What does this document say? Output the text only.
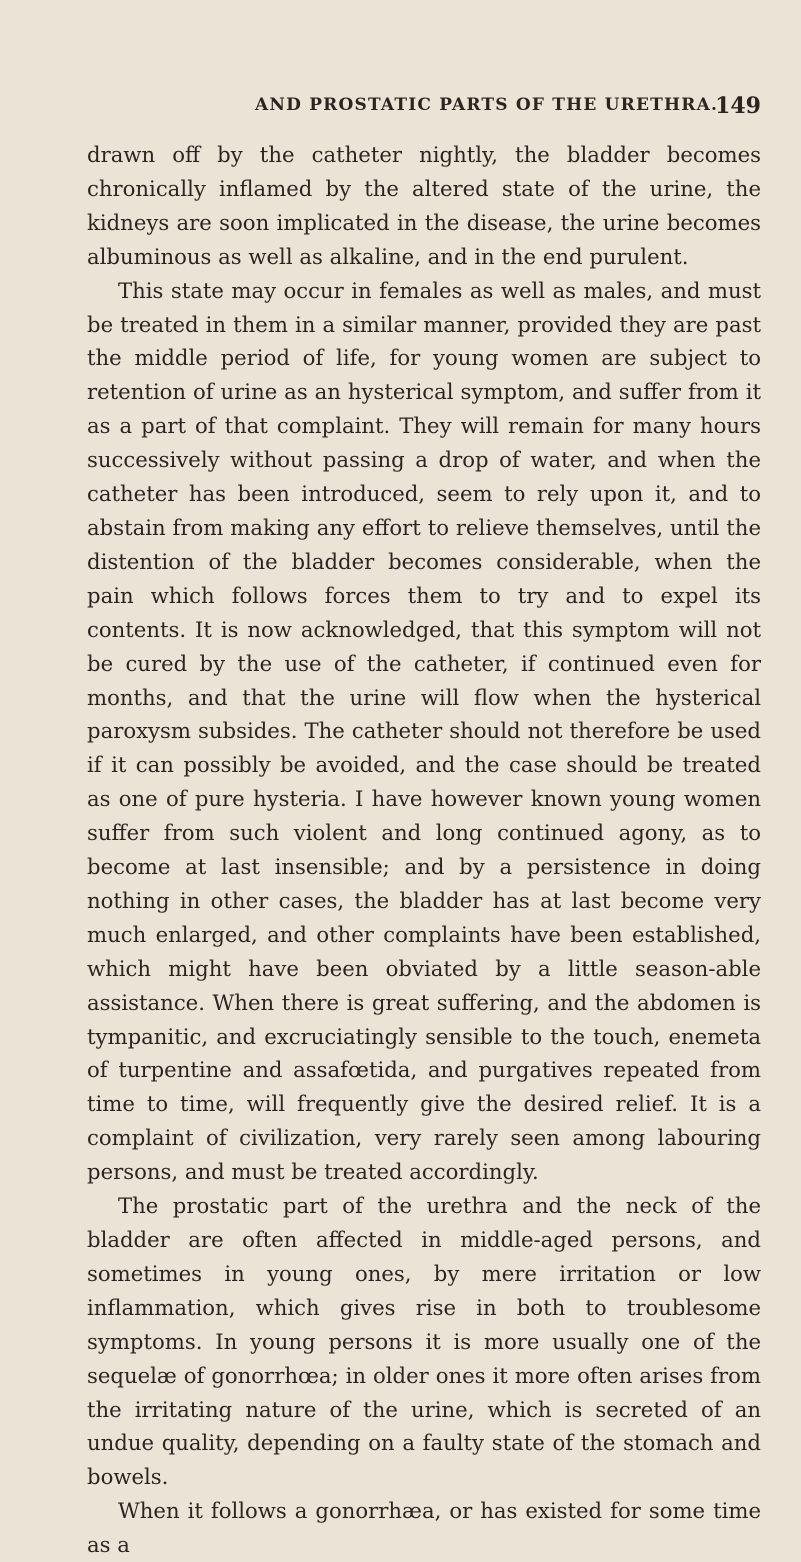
AND PROSTATIC PARTS OF THE URETHRA.
149

drawn off by the catheter nightly, the bladder becomes chronically inflamed by the altered state of the urine, the kidneys are soon implicated in the disease, the urine becomes albuminous as well as alkaline, and in the end purulent.

This state may occur in females as well as males, and must be treated in them in a similar manner, provided they are past the middle period of life, for young women are subject to retention of urine as an hysterical symptom, and suffer from it as a part of that complaint. They will remain for many hours successively without passing a drop of water, and when the catheter has been introduced, seem to rely upon it, and to abstain from making any effort to relieve themselves, until the distention of the bladder becomes considerable, when the pain which follows forces them to try and to expel its contents. It is now acknowledged, that this symptom will not be cured by the use of the catheter, if continued even for months, and that the urine will flow when the hysterical paroxysm subsides. The catheter should not therefore be used if it can possibly be avoided, and the case should be treated as one of pure hysteria. I have however known young women suffer from such violent and long continued agony, as to become at last insensible; and by a persistence in doing nothing in other cases, the bladder has at last become very much enlarged, and other complaints have been established, which might have been obviated by a little season-able assistance. When there is great suffering, and the abdomen is tympanitic, and excruciatingly sensible to the touch, enemeta of turpentine and assafœtida, and purgatives repeated from time to time, will frequently give the desired relief. It is a complaint of civilization, very rarely seen among labouring persons, and must be treated accordingly.

The prostatic part of the urethra and the neck of the bladder are often affected in middle-aged persons, and sometimes in young ones, by mere irritation or low inflammation, which gives rise in both to troublesome symptoms. In young persons it is more usually one of the sequelæ of gonorrhœa; in older ones it more often arises from the irritating nature of the urine, which is secreted of an undue quality, depending on a faulty state of the stomach and bowels.

When it follows a gonorrhæa, or has existed for some time as a
